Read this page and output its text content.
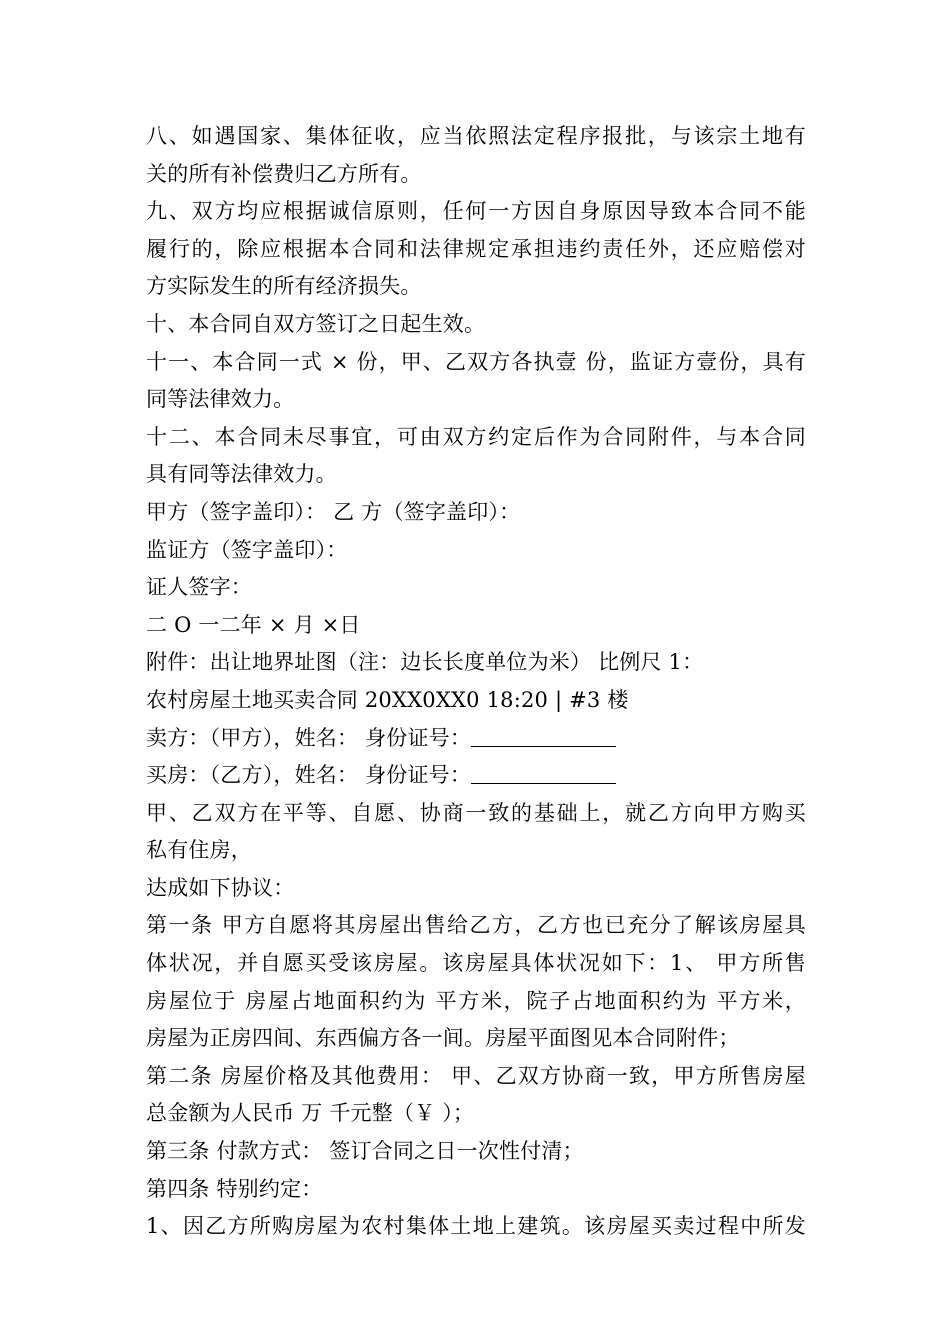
八、如遇国家、集体征收，应当依照法定程序报批，与该宗土地有
关的所有补偿费归乙方所有。
九、双方均应根据诚信原则，任何一方因自身原因导致本合同不能
履行的，除应根据本合同和法律规定承担违约责任外，还应赔偿对
方实际发生的所有经济损失。
十、本合同自双方签订之日起生效。
十一、本合同一式 × 份，甲、乙双方各执壹 份，监证方壹份，具有
同等法律效力。
十二、本合同未尽事宜，可由双方约定后作为合同附件，与本合同
具有同等法律效力。
甲方（签字盖印）： 乙 方（签字盖印）：
监证方（签字盖印）：
证人签字：
二 O 一二年 × 月 ×日
附件：出让地界址图（注：边长长度单位为米） 比例尺 1：
农村房屋土地买卖合同 20XX0XX0 18:20 | #3 楼
卖方：（甲方），姓名： 身份证号：
买房：（乙方），姓名： 身份证号：
甲、乙双方在平等、自愿、协商一致的基础上，就乙方向甲方购买
私有住房，
达成如下协议：
第一条 甲方自愿将其房屋出售给乙方，乙方也已充分了解该房屋具
体状况，并自愿买受该房屋。该房屋具体状况如下：1、 甲方所售
房屋位于 房屋占地面积约为 平方米，院子占地面积约为 平方米，
房屋为正房四间、东西偏方各一间。房屋平面图见本合同附件；
第二条 房屋价格及其他费用： 甲、乙双方协商一致，甲方所售房屋
总金额为人民币 万 千元整（￥ ）；
第三条 付款方式： 签订合同之日一次性付清；
第四条 特别约定：
1、因乙方所购房屋为农村集体土地上建筑。该房屋买卖过程中所发
